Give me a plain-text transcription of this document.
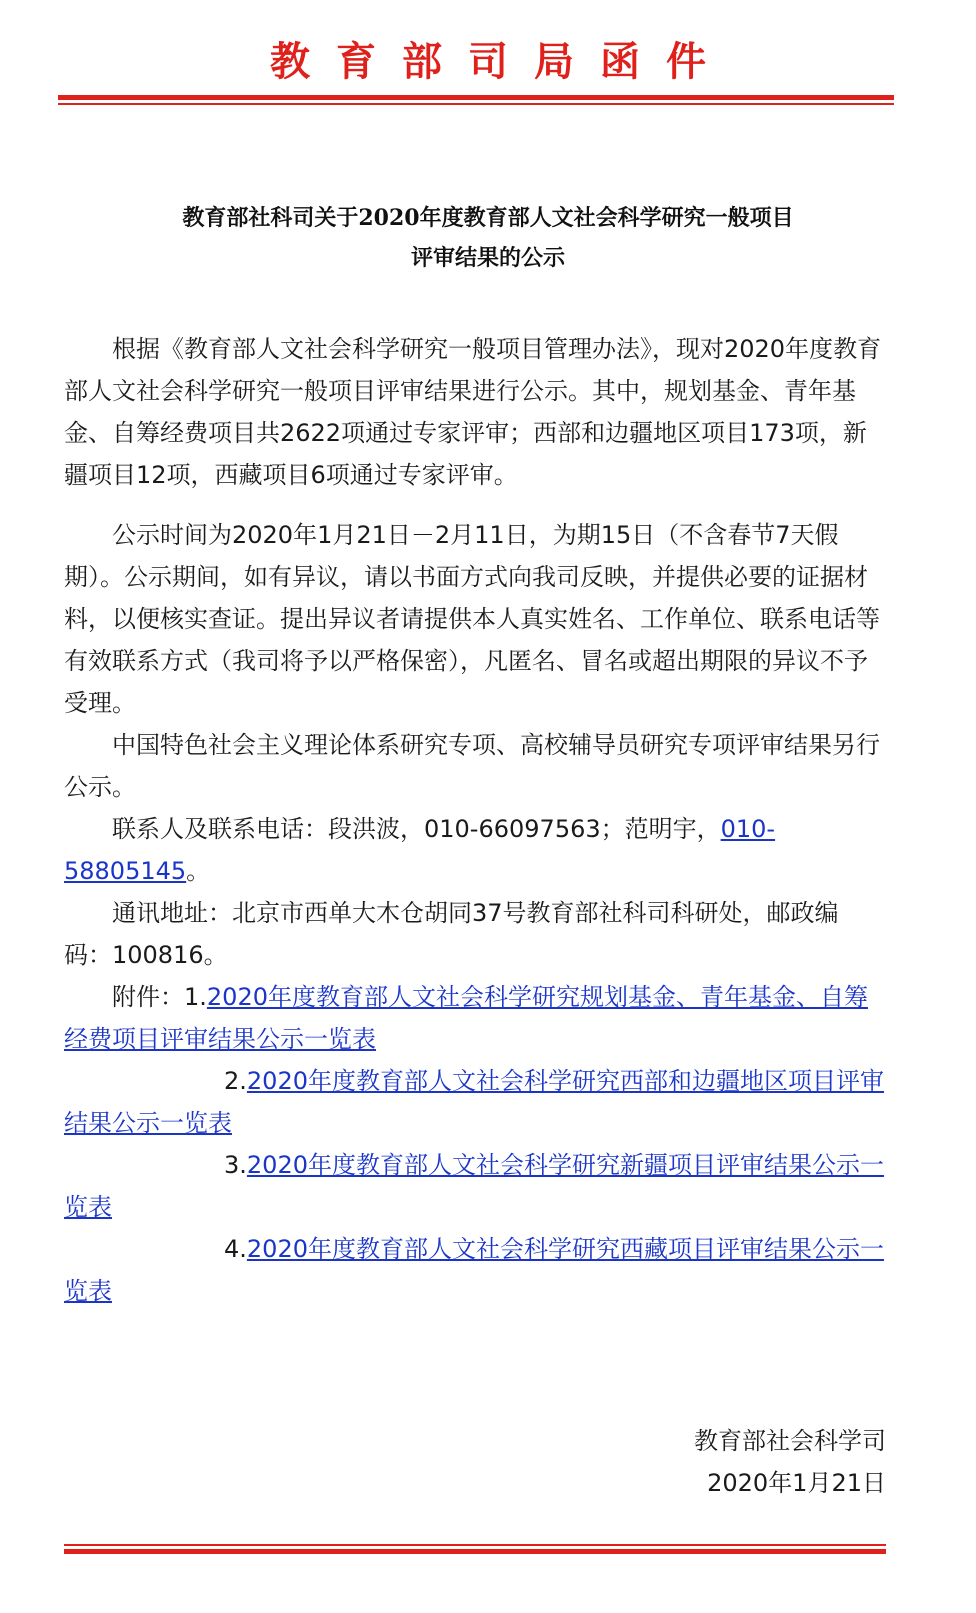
教育部司局函件
教育部社科司关于2020年度教育部人文社会科学研究一般项目
评审结果的公示

根据《教育部人文社会科学研究一般项目管理办法》，现对2020年度教育部人文社会科学研究一般项目评审结果进行公示。其中，规划基金、青年基金、自筹经费项目共2622项通过专家评审；西部和边疆地区项目173项，新疆项目12项，西藏项目6项通过专家评审。

公示时间为2020年1月21日－2月11日，为期15日（不含春节7天假期）。公示期间，如有异议，请以书面方式向我司反映，并提供必要的证据材料，以便核实查证。提出异议者请提供本人真实姓名、工作单位、联系电话等有效联系方式（我司将予以严格保密），凡匿名、冒名或超出期限的异议不予受理。

中国特色社会主义理论体系研究专项、高校辅导员研究专项评审结果另行公示。

联系人及联系电话：段洪波，010-66097563；范明宇，010-58805145。

通讯地址：北京市西单大木仓胡同37号教育部社科司科研处，邮政编码：100816。

附件：1.2020年度教育部人文社会科学研究规划基金、青年基金、自筹经费项目评审结果公示一览表

2.2020年度教育部人文社会科学研究西部和边疆地区项目评审结果公示一览表

3.2020年度教育部人文社会科学研究新疆项目评审结果公示一览表

4.2020年度教育部人文社会科学研究西藏项目评审结果公示一览表

教育部社会科学司
2020年1月21日
